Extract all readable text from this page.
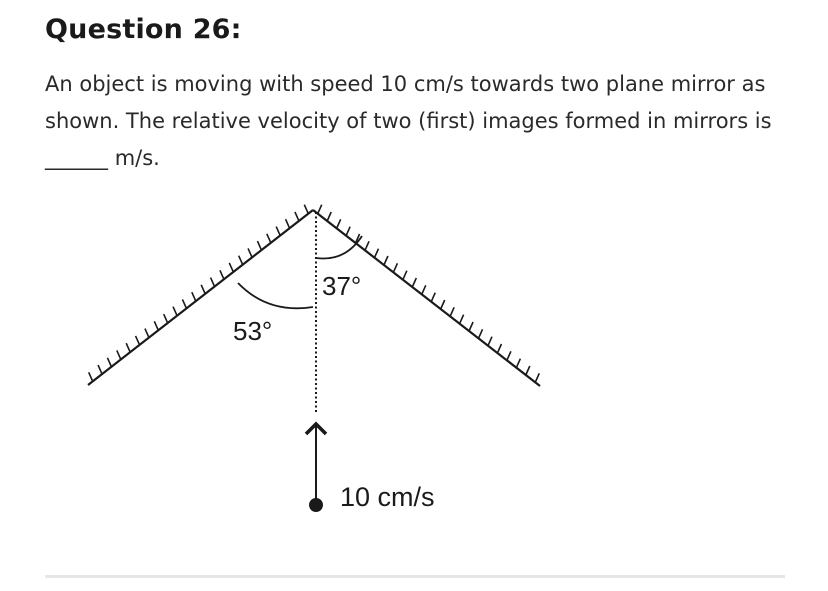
Question 26:
An object is moving with speed 10 cm/s towards two plane mirror as shown. The relative velocity of two (first) images formed in mirrors is ______ m/s.
53°
37°
10 cm/s
